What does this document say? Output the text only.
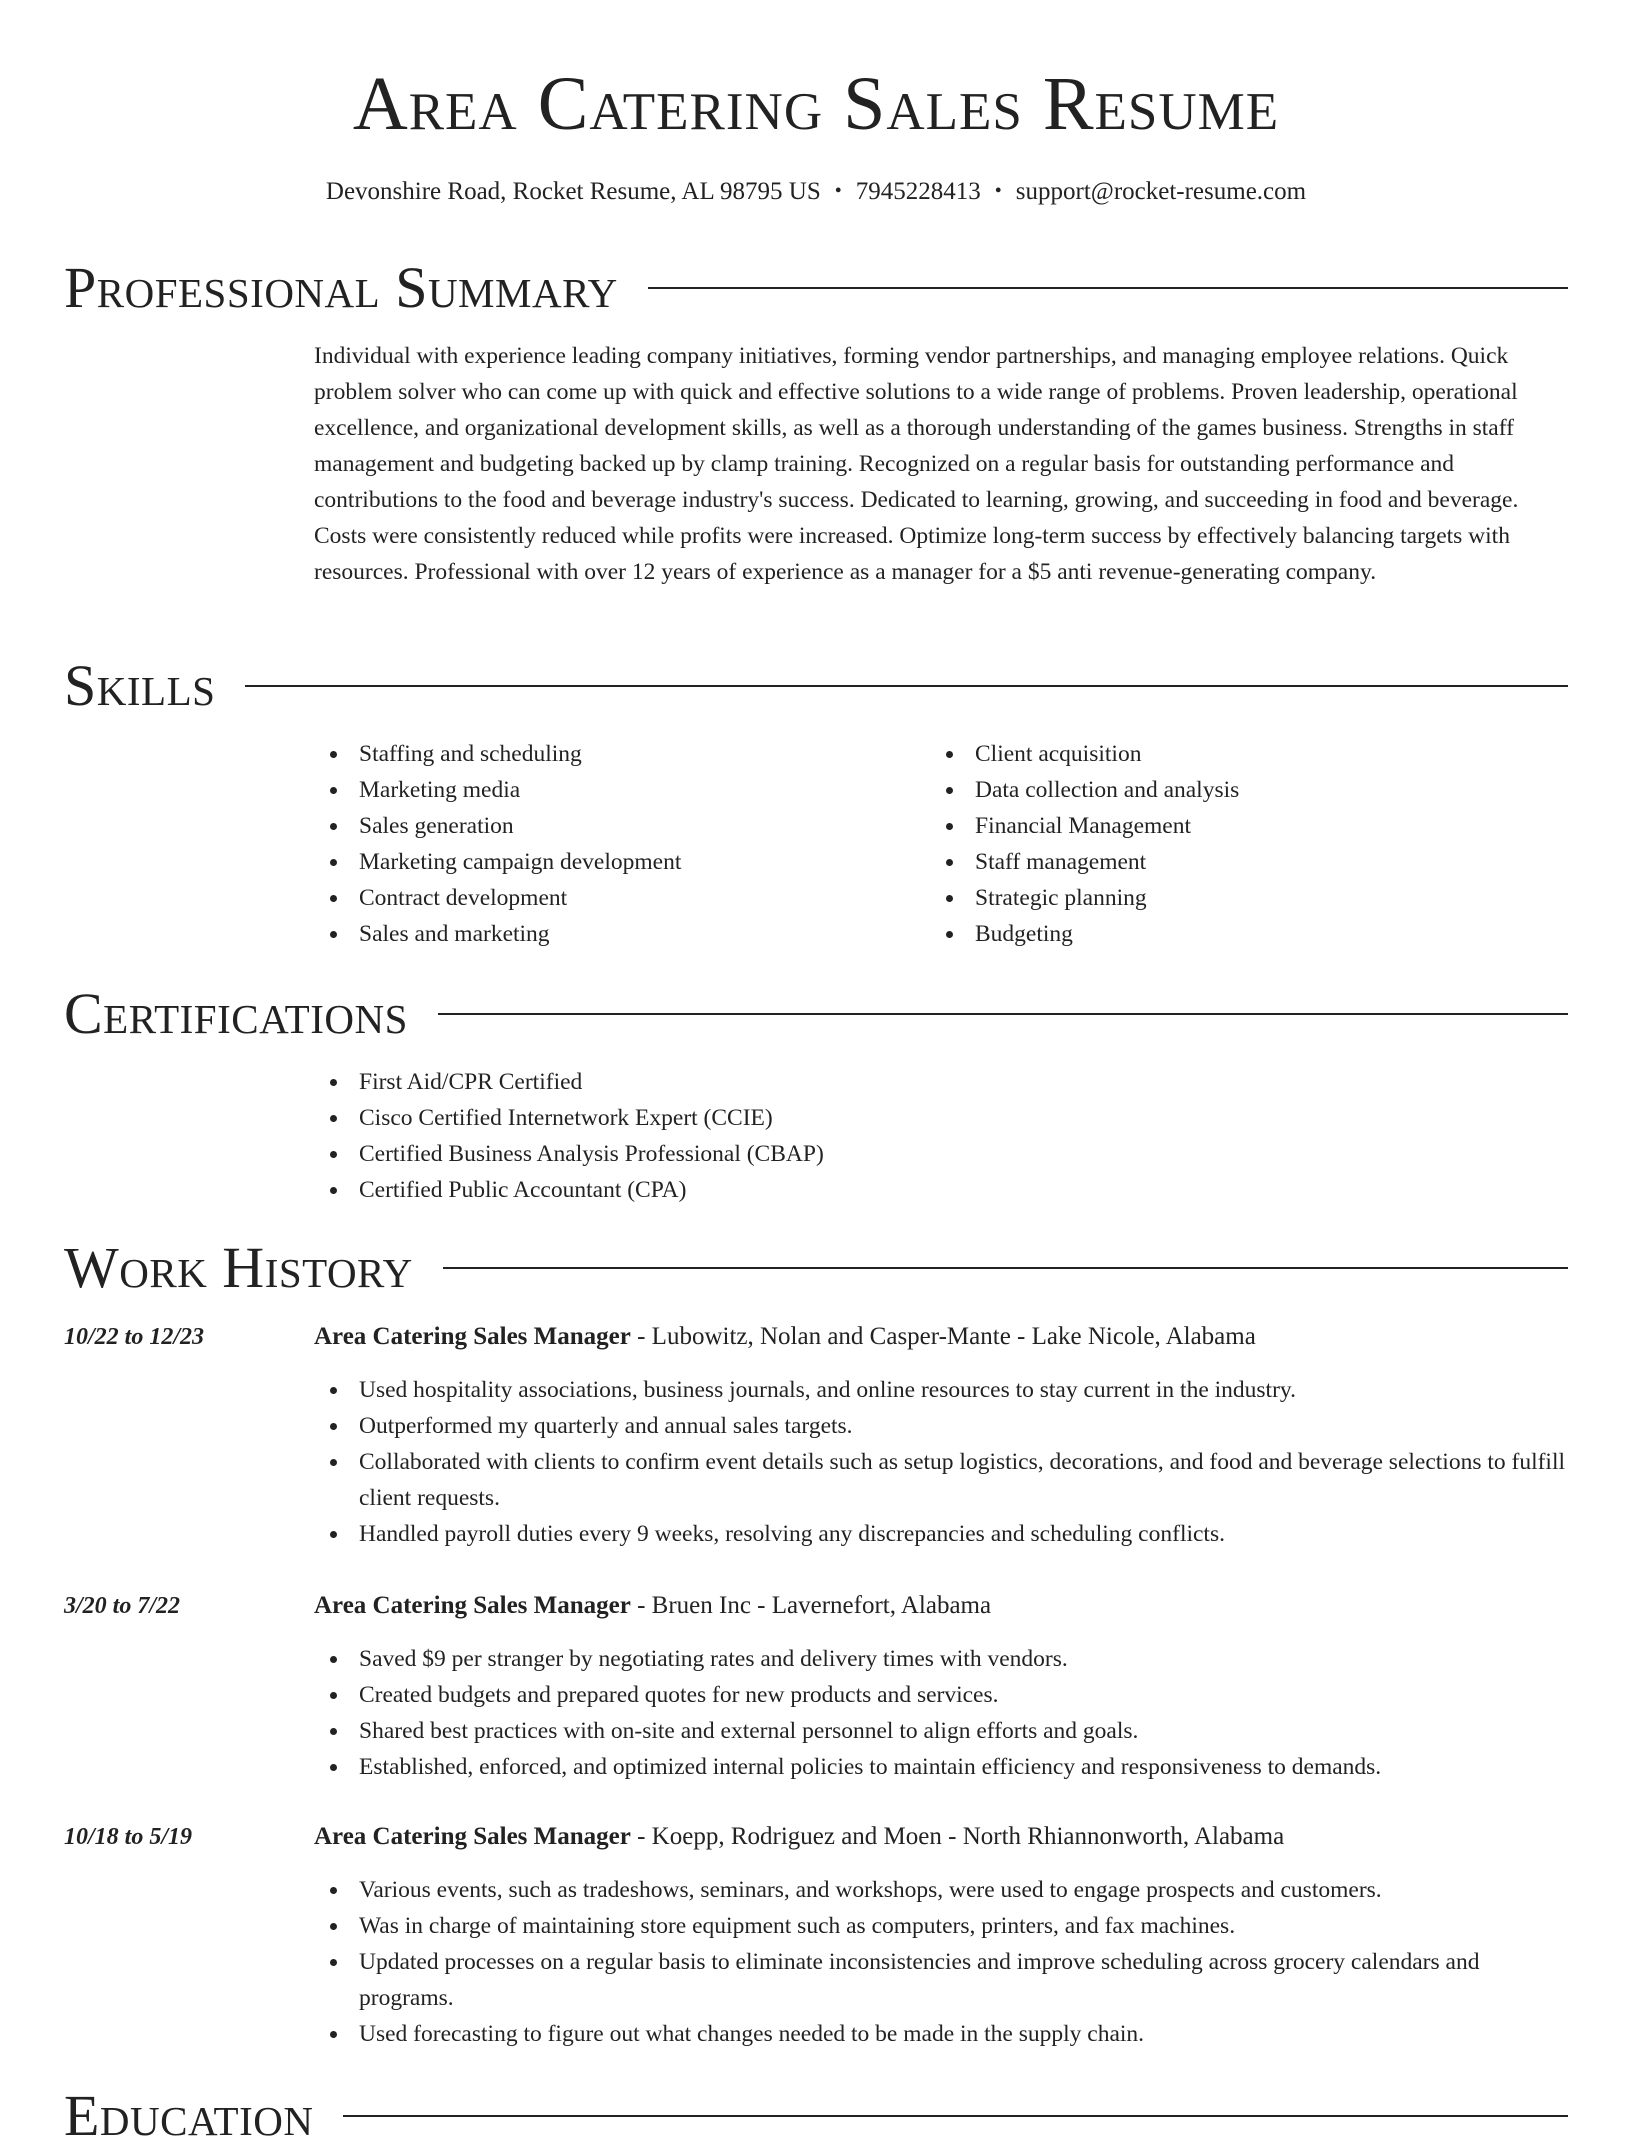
Area Catering Sales Resume
Devonshire Road, Rocket Resume, AL 98795 US • 7945228413 • support@rocket-resume.com
Professional Summary

Individual with experience leading company initiatives, forming vendor partnerships, and managing employee relations. Quick problem solver who can come up with quick and effective solutions to a wide range of problems. Proven leadership, operational excellence, and organizational development skills, as well as a thorough understanding of the games business. Strengths in staff management and budgeting backed up by clamp training. Recognized on a regular basis for outstanding performance and contributions to the food and beverage industry's success. Dedicated to learning, growing, and succeeding in food and beverage. Costs were consistently reduced while profits were increased. Optimize long-term success by effectively balancing targets with resources. Professional with over 12 years of experience as a manager for a $5 anti revenue-generating company.

Skills
Staffing and scheduling
Marketing media
Sales generation
Marketing campaign development
Contract development
Sales and marketing
Client acquisition
Data collection and analysis
Financial Management
Staff management
Strategic planning
Budgeting
Certifications
First Aid/CPR Certified
Cisco Certified Internetwork Expert (CCIE)
Certified Business Analysis Professional (CBAP)
Certified Public Accountant (CPA)
Work History
10/22 to 12/23	Area Catering Sales Manager - Lubowitz, Nolan and Casper-Mante - Lake Nicole, Alabama
Used hospitality associations, business journals, and online resources to stay current in the industry.
Outperformed my quarterly and annual sales targets.
Collaborated with clients to confirm event details such as setup logistics, decorations, and food and beverage selections to fulfill client requests.
Handled payroll duties every 9 weeks, resolving any discrepancies and scheduling conflicts.
3/20 to 7/22	Area Catering Sales Manager - Bruen Inc - Lavernefort, Alabama
Saved $9 per stranger by negotiating rates and delivery times with vendors.
Created budgets and prepared quotes for new products and services.
Shared best practices with on-site and external personnel to align efforts and goals.
Established, enforced, and optimized internal policies to maintain efficiency and responsiveness to demands.
10/18 to 5/19	Area Catering Sales Manager - Koepp, Rodriguez and Moen - North Rhiannonworth, Alabama
Various events, such as tradeshows, seminars, and workshops, were used to engage prospects and customers.
Was in charge of maintaining store equipment such as computers, printers, and fax machines.
Updated processes on a regular basis to eliminate inconsistencies and improve scheduling across grocery calendars and programs.
Used forecasting to figure out what changes needed to be made in the supply chain.
Education
